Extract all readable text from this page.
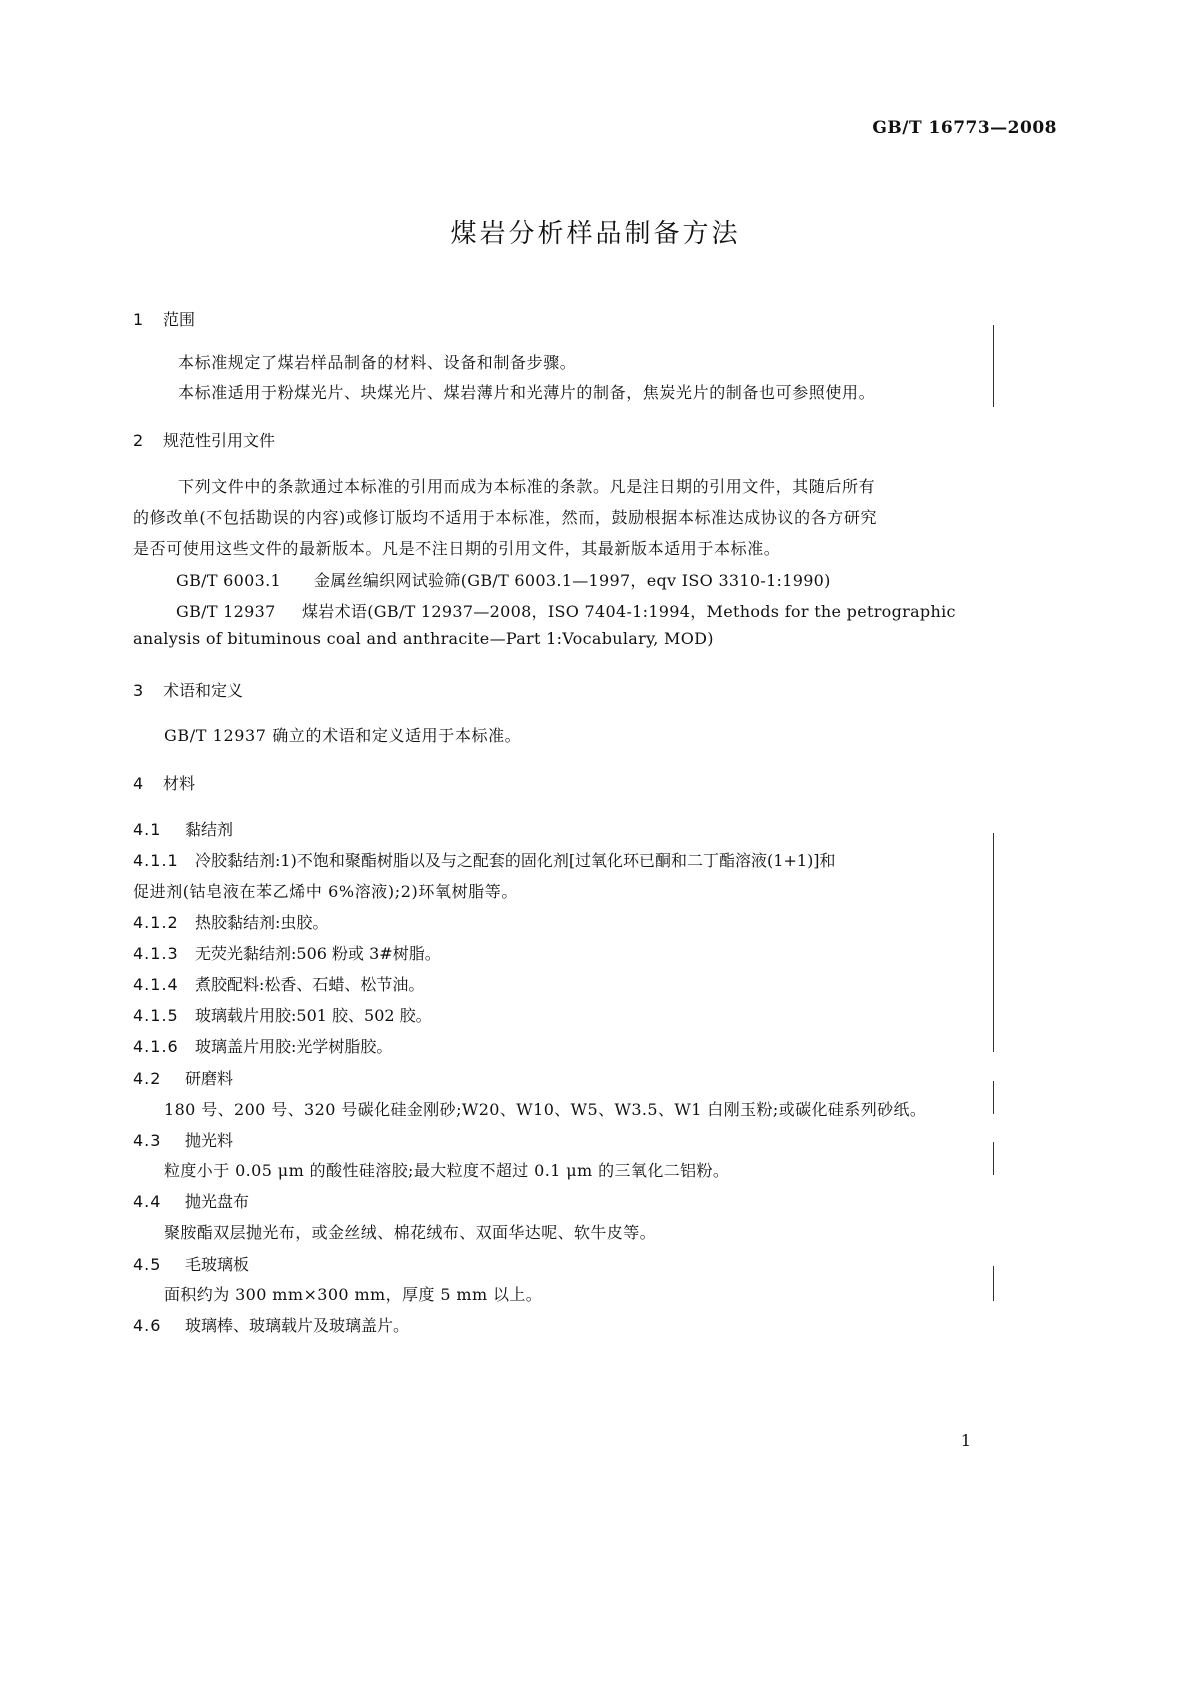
GB/T 16773—2008
煤岩分析样品制备方法
1 范围
本标准规定了煤岩样品制备的材料、设备和制备步骤。
本标准适用于粉煤光片、块煤光片、煤岩薄片和光薄片的制备，焦炭光片的制备也可参照使用。
2 规范性引用文件
下列文件中的条款通过本标准的引用而成为本标准的条款。凡是注日期的引用文件，其随后所有
的修改单(不包括勘误的内容)或修订版均不适用于本标准，然而，鼓励根据本标准达成协议的各方研究
是否可使用这些文件的最新版本。凡是不注日期的引用文件，其最新版本适用于本标准。
GB/T 6003.1 金属丝编织网试验筛(GB/T 6003.1—1997，eqv ISO 3310-1:1990)
GB/T 12937 煤岩术语(GB/T 12937—2008，ISO 7404-1:1994，Methods for the petrographic
analysis of bituminous coal and anthracite—Part 1:Vocabulary, MOD)
3 术语和定义
GB/T 12937 确立的术语和定义适用于本标准。
4 材料
4.1 黏结剂
4.1.1 冷胶黏结剂:1)不饱和聚酯树脂以及与之配套的固化剂[过氧化环已酮和二丁酯溶液(1+1)]和
促进剂(钴皂液在苯乙烯中 6%溶液);2)环氧树脂等。
4.1.2 热胶黏结剂:虫胶。
4.1.3 无荧光黏结剂:506 粉或 3#树脂。
4.1.4 煮胶配料:松香、石蜡、松节油。
4.1.5 玻璃载片用胶:501 胶、502 胶。
4.1.6 玻璃盖片用胶:光学树脂胶。
4.2 研磨料
180 号、200 号、320 号碳化硅金刚砂;W20、W10、W5、W3.5、W1 白刚玉粉;或碳化硅系列砂纸。
4.3 抛光料
粒度小于 0.05 μm 的酸性硅溶胶;最大粒度不超过 0.1 μm 的三氧化二铝粉。
4.4 抛光盘布
聚胺酯双层抛光布，或金丝绒、棉花绒布、双面华达呢、软牛皮等。
4.5 毛玻璃板
面积约为 300 mm×300 mm，厚度 5 mm 以上。
4.6 玻璃棒、玻璃载片及玻璃盖片。
1
